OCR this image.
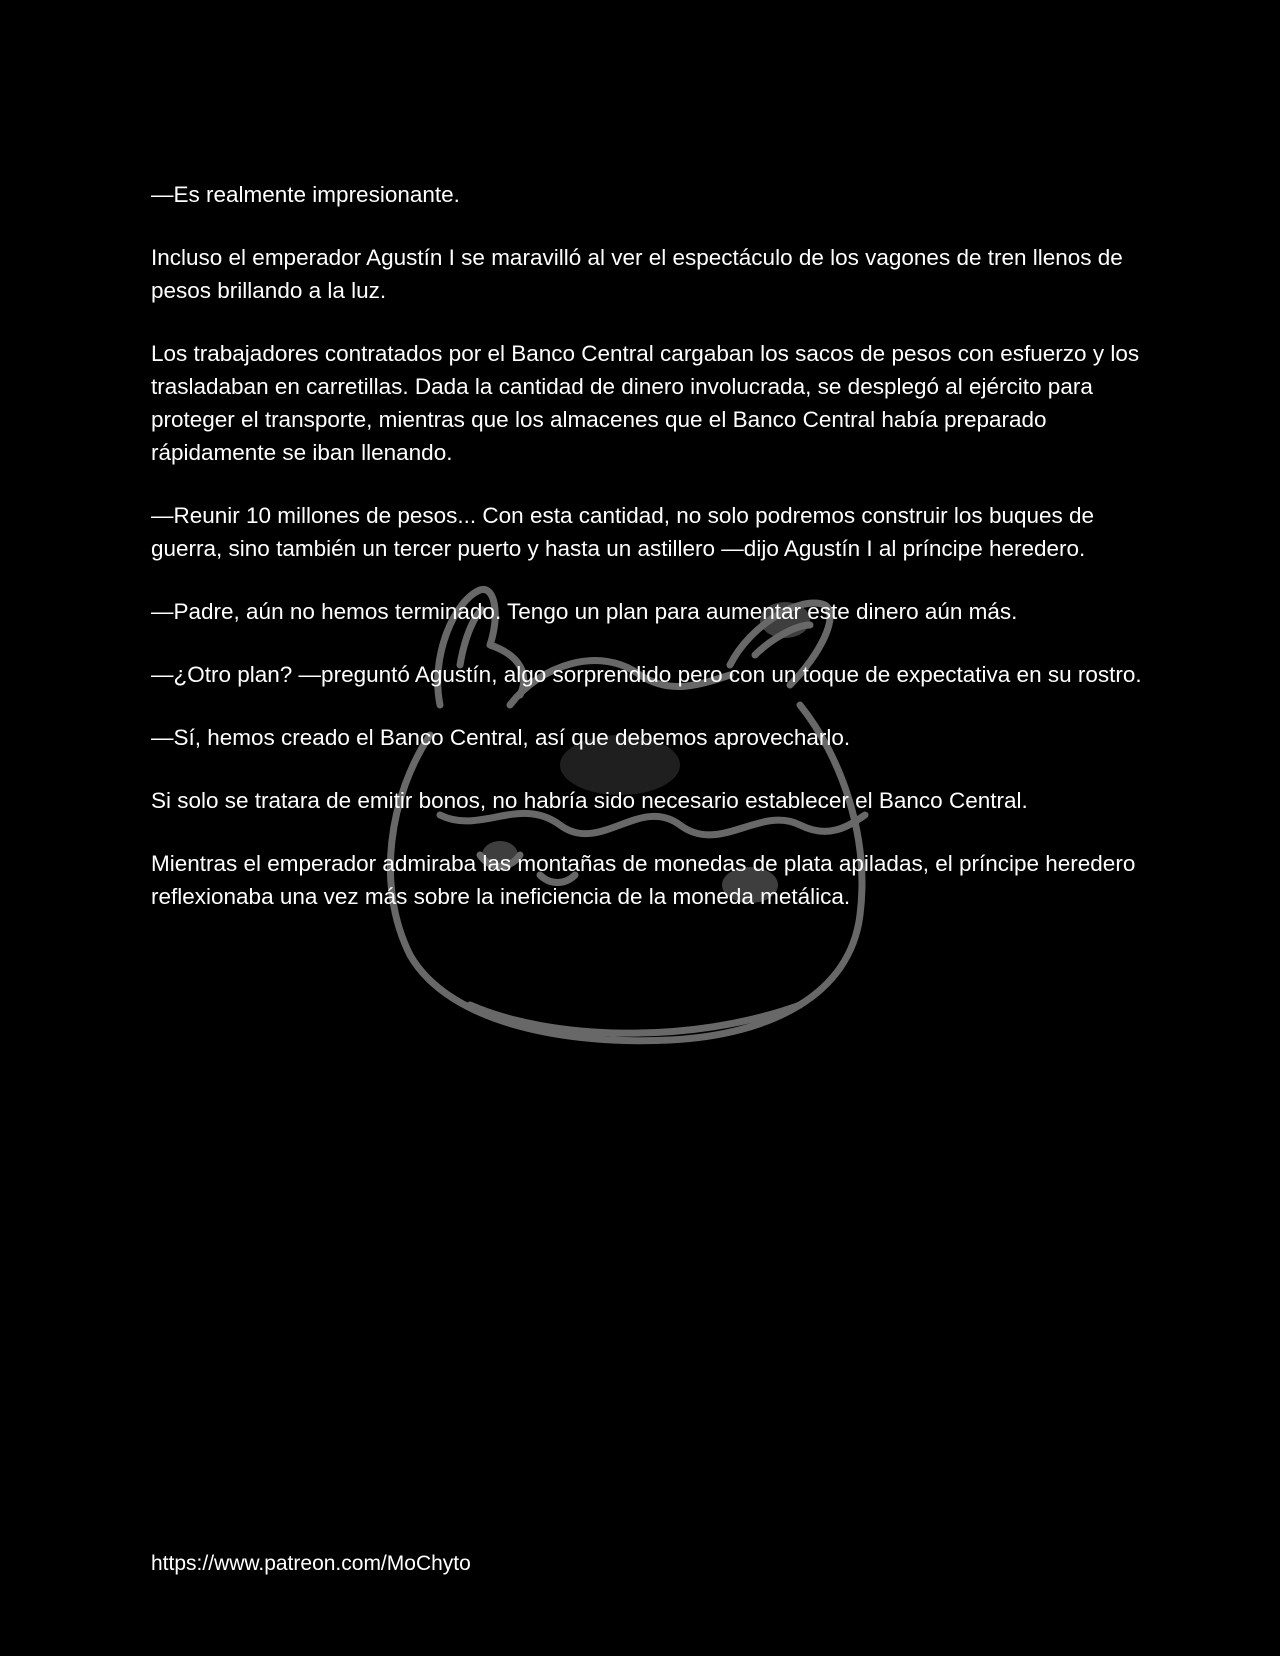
—Es realmente impresionante.

Incluso el emperador Agustín I se maravilló al ver el espectáculo de los vagones de tren llenos de pesos brillando a la luz.

Los trabajadores contratados por el Banco Central cargaban los sacos de pesos con esfuerzo y los trasladaban en carretillas. Dada la cantidad de dinero involucrada, se desplegó al ejército para proteger el transporte, mientras que los almacenes que el Banco Central había preparado rápidamente se iban llenando.

—Reunir 10 millones de pesos... Con esta cantidad, no solo podremos construir los buques de guerra, sino también un tercer puerto y hasta un astillero —dijo Agustín I al príncipe heredero.

—Padre, aún no hemos terminado. Tengo un plan para aumentar este dinero aún más.

—¿Otro plan? —preguntó Agustín, algo sorprendido pero con un toque de expectativa en su rostro.

—Sí, hemos creado el Banco Central, así que debemos aprovecharlo.

Si solo se tratara de emitir bonos, no habría sido necesario establecer el Banco Central.

Mientras el emperador admiraba las montañas de monedas de plata apiladas, el príncipe heredero reflexionaba una vez más sobre la ineficiencia de la moneda metálica.

https://www.patreon.com/MoChyto
